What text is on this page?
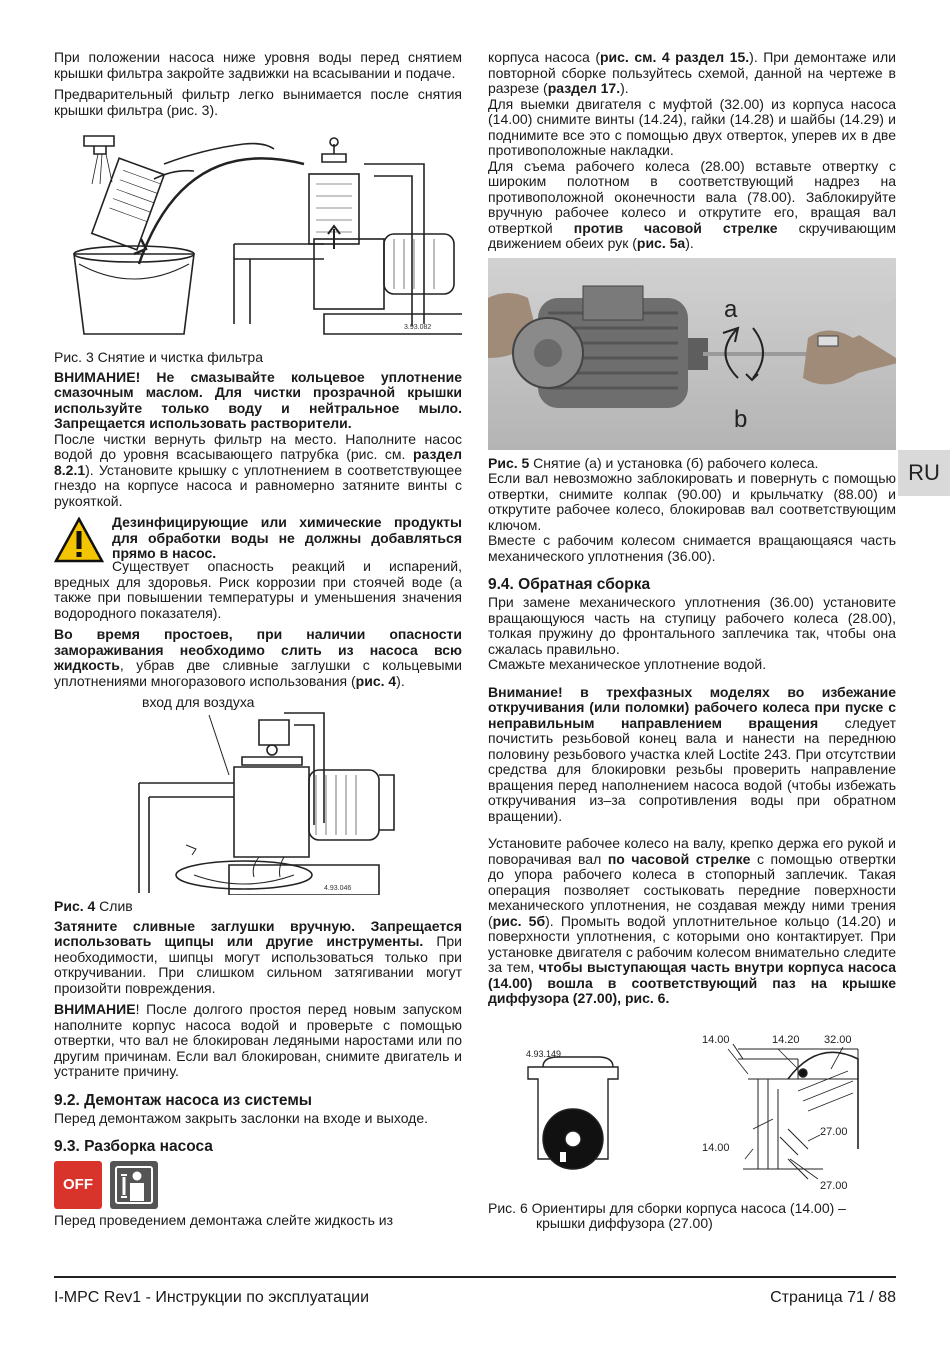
При положении насоса ниже уровня воды перед снятием крышки фильтра закройте задвижки на всасывании и подаче.

Предварительный фильтр легко вынимается после снятия крышки фильтра (рис. 3).

3.93.082

Рис. 3 Снятие и чистка фильтра

ВНИМАНИЕ! Не смазывайте кольцевое уплотнение смазочным маслом. Для чистки прозрачной крышки используйте только воду и нейтральное мыло. Запрещается использовать растворители.

После чистки вернуть фильтр на место. Наполните насос водой до уровня всасывающего патрубка (рис. см. раздел 8.2.1). Установите крышку с уплотнением в соответствующее гнездо на корпусе насоса и равномерно затяните винты с рукояткой.

Дезинфицирующие или химические продукты для обработки воды не должны добавляться прямо в насос.

Существует опасность реакций и испарений, вредных для здоровья. Риск коррозии при стоячей воде (а также при повышении температуры и уменьшения значения водородного показателя).

Во время простоев, при наличии опасности замораживания необходимо слить из насоса всю жидкость, убрав две сливные заглушки с кольцевыми уплотнениями многоразового использования (рис. 4).

вход для воздуха
4.93.046

Рис. 4 Слив

Затяните сливные заглушки вручную. Запрещается использовать щипцы или другие инструменты. При необходимости, шипцы могут использоваться только при откручивании. При слишком сильном затягивании могут произойти повреждения.

ВНИМАНИЕ! После долгого простоя перед новым запуском наполните корпус насоса водой и проверьте с помощью отвертки, что вал не блокирован ледяными наростами или по другим причинам. Если вал блокирован, снимите двигатель и устраните причину.

9.2. Демонтаж насоса из системы

Перед демонтажом закрыть заслонки на входе и выходе.

9.3. Разборка насоса
OFF

Перед проведением демонтажа слейте жидкость из

корпуса насоса (рис. см. 4 раздел 15.). При демонтаже или повторной сборке пользуйтесь схемой, данной на чертеже в разрезе (раздел 17.).

Для выемки двигателя с муфтой (32.00) из корпуса насоса (14.00) снимите винты (14.24), гайки (14.28) и шайбы (14.29) и поднимите все это с помощью двух отверток, уперев их в две противоположные накладки.

Для съема рабочего колеса (28.00) вставьте отвертку с широким полотном в соответствующий надрез на противоположной оконечности вала (78.00). Заблокируйте вручную рабочее колесо и открутите его, вращая вал отверткой против часовой стрелке скручивающим движением обеих рук (рис. 5a).

a
b

Рис. 5 Снятие (а) и установка (б) рабочего колеса.

Если вал невозможно заблокировать и повернуть с помощью отвертки, снимите колпак (90.00) и крыльчатку (88.00) и открутите рабочее колесо, блокировав вал соответствующим ключом.

Вместе с рабочим колесом снимается вращающаяся часть механического уплотнения (36.00).

9.4. Обратная сборка

При замене механического уплотнения (36.00) установите вращающуюся часть на ступицу рабочего колеса (28.00), толкая пружину до фронтального заплечика так, чтобы она сжалась правильно.

Смажьте механическое уплотнение водой.

Внимание! в трехфазных моделях во избежание откручивания (или поломки) рабочего колеса при пуске с неправильным направлением вращения следует почистить резьбовой конец вала и нанести на переднюю половину резьбового участка клей Loctite 243. При отсутствии средства для блокировки резьбы проверить направление вращения перед наполнением насоса водой (чтобы избежать откручивания из–за сопротивления воды при обратном вращении).

Установите рабочее колесо на валу, крепко держа его рукой и поворачивая вал по часовой стрелке с помощью отвертки до упора рабочего колеса в стопорный заплечик. Такая операция позволяет состыковать передние поверхности механического уплотнения, не создавая между ними трения (рис. 5б). Промыть водой уплотнительное кольцо (14.20) и поверхности уплотнения, с которыми оно контактирует. При установке двигателя с рабочим колесом внимательно следите за тем, чтобы выступающая часть внутри корпуса насоса (14.00) вошла в соответствующий паз на крышке диффузора (27.00), рис. 6.

4.93.149
14.00	14.20 32.00
27.00
14.00
27.00

Рис. 6 Ориентиры для сборки корпуса насоса (14.00) – крышки диффузора (27.00)

RU
I-MPC Rev1 - Инструкции по эксплуатации	Страница 71 / 88
